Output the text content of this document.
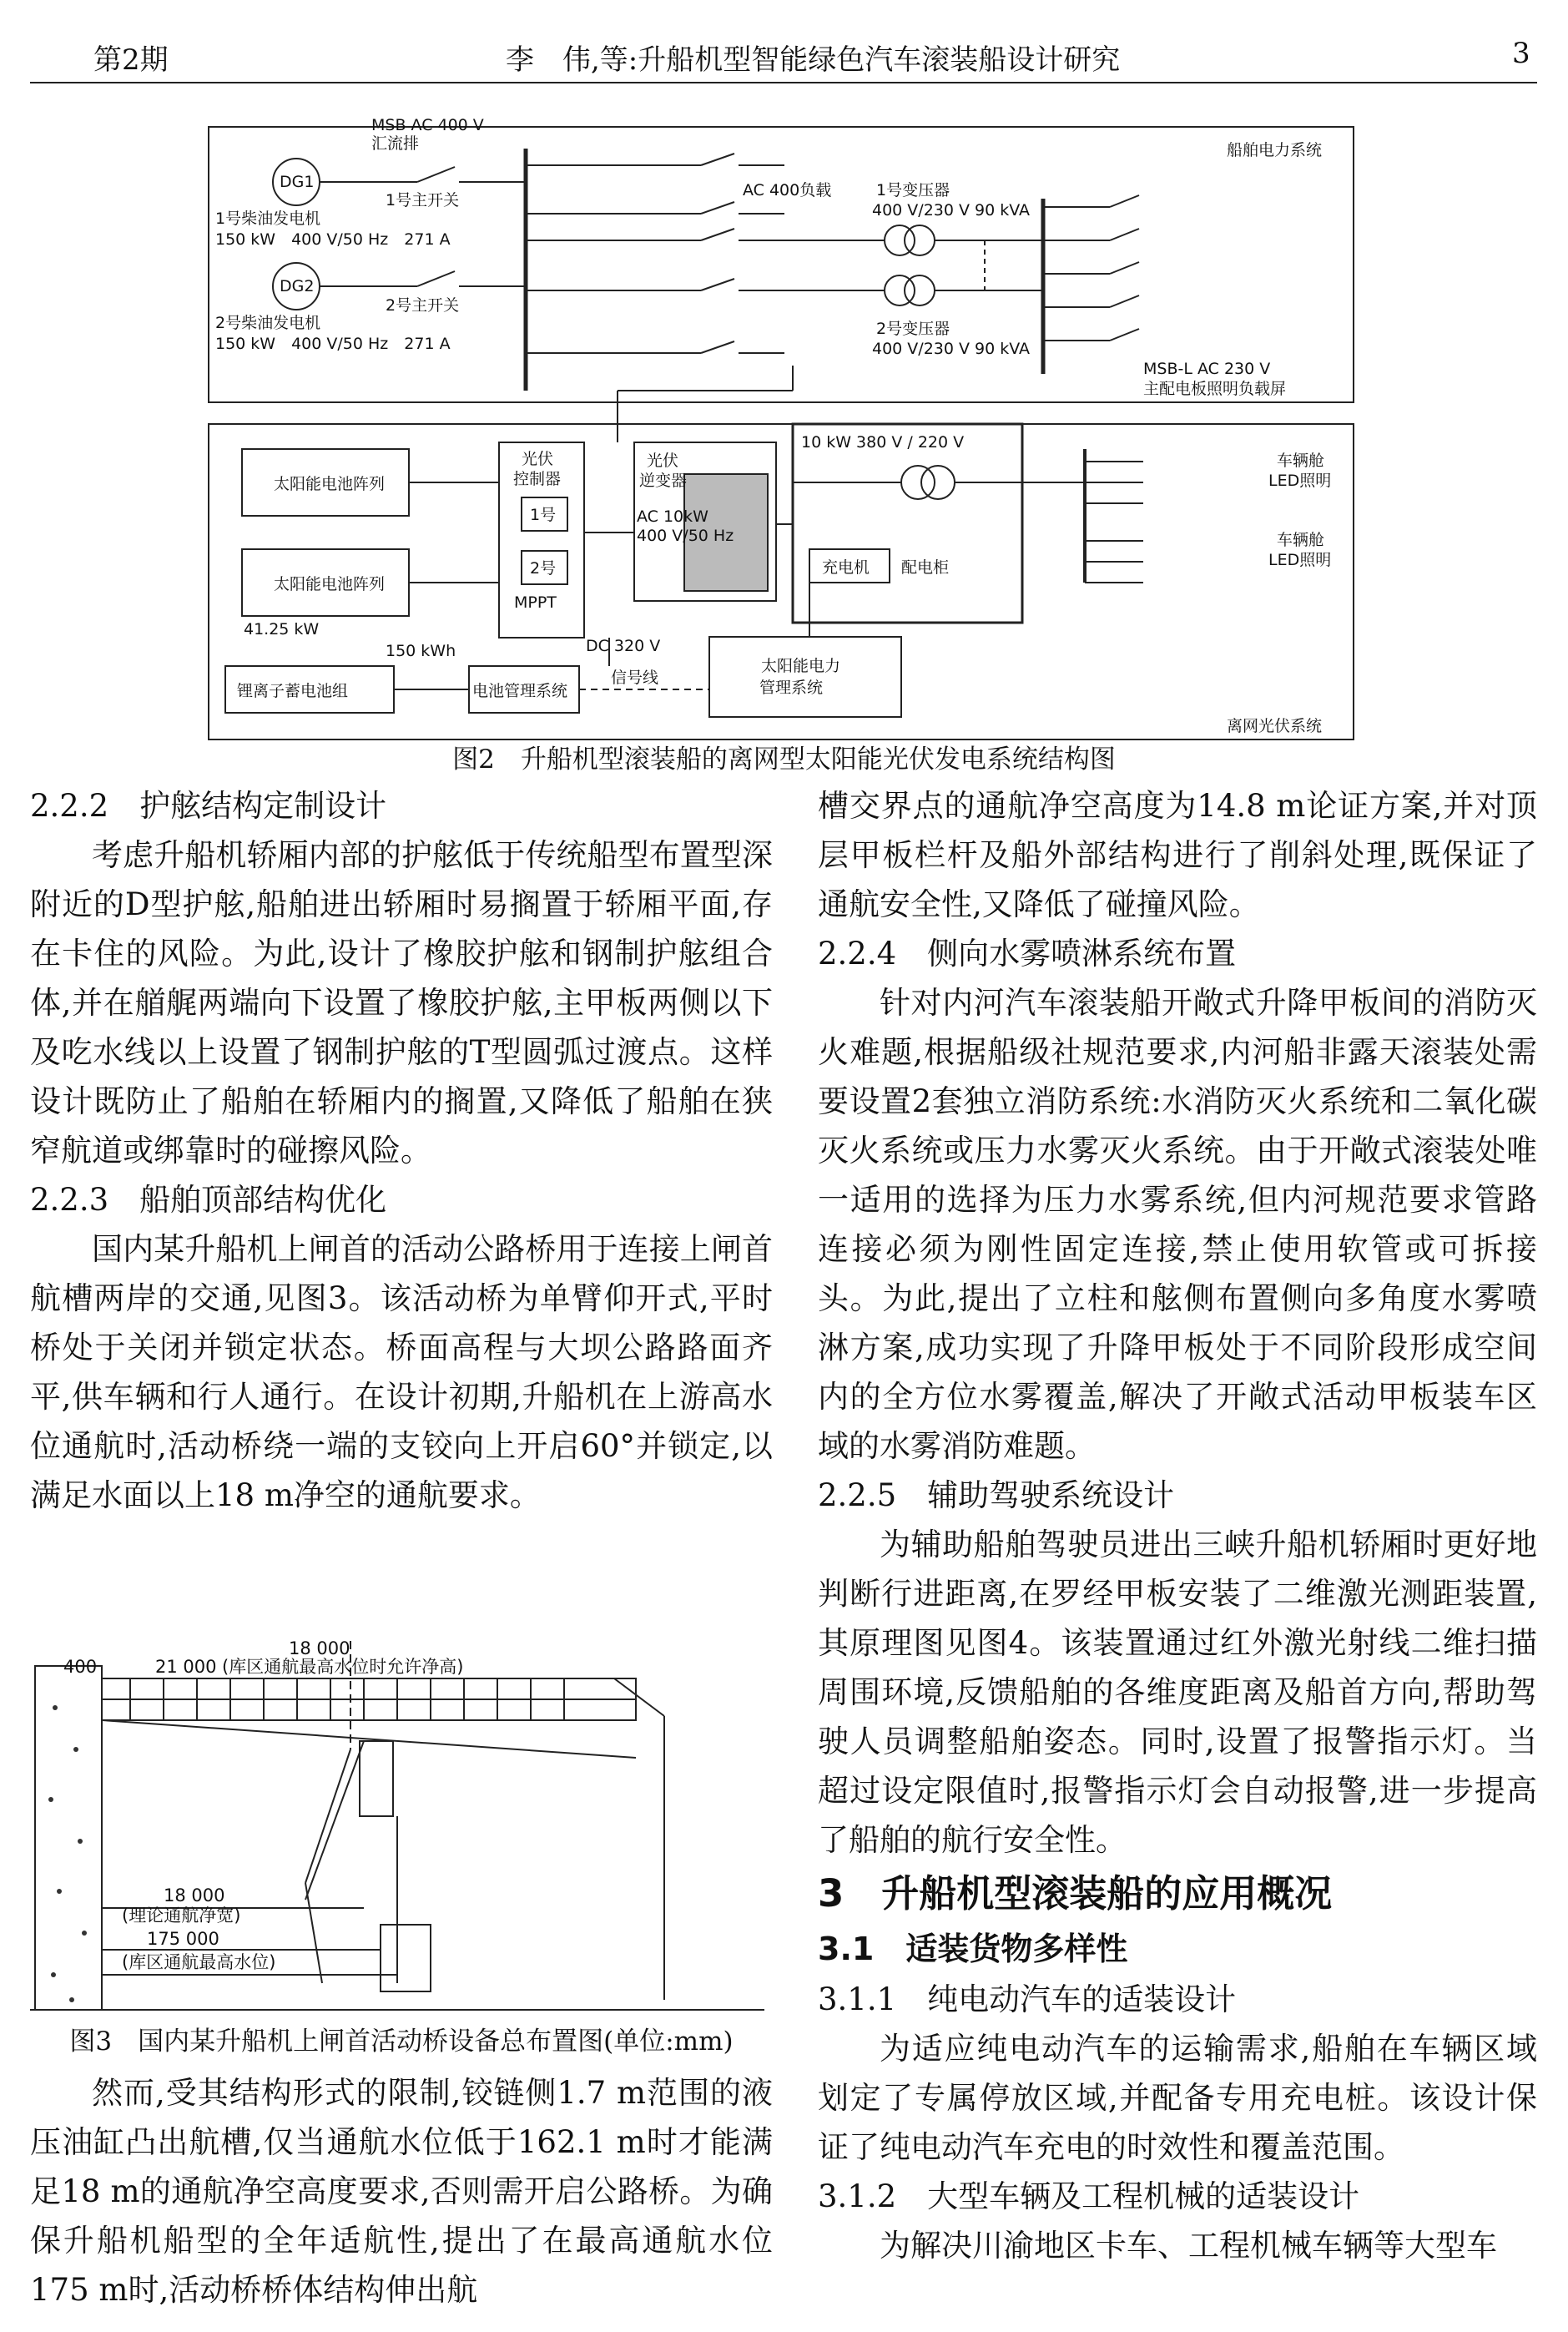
第2期	李　伟,等:升船机型智能绿色汽车滚装船设计研究	3
MSB AC 400 V
汇流排	船舶电力系统
DG1
DG2
1号主开关
2号主开关
1号柴油发电机
150 kW　400 V/50 Hz　271 A
2号柴油发电机
150 kW　400 V/50 Hz　271 A
AC 400负载	1号变压器
400 V/230 V 90 kVA
2号变压器
400 V/230 V 90 kVA
MSB-L AC 230 V
主配电板照明负载屏
太阳能电池阵列
太阳能电池阵列
41.25 kW
光伏
控制器
1号
2号
MPPT
光伏
逆变器
AC 10kW
400 V/50 Hz
10 kW 380 V / 220 V
充电机 配电柜
车辆舱
LED照明
车辆舱
LED照明
DC 320 V
150 kWh
锂离子蓄电池组	电池管理系统
信号线
太阳能电力
管理系统
离网光伏系统
图2　升船机型滚装船的离网型太阳能光伏发电系统结构图

2.2.2　护舷结构定制设计

考虑升船机轿厢内部的护舷低于传统船型布置型深附近的D型护舷,船舶进出轿厢时易搁置于轿厢平面,存在卡住的风险。为此,设计了橡胶护舷和钢制护舷组合体,并在艏艉两端向下设置了橡胶护舷,主甲板两侧以下及吃水线以上设置了钢制护舷的T型圆弧过渡点。这样设计既防止了船舶在轿厢内的搁置,又降低了船舶在狭窄航道或绑靠时的碰擦风险。

2.2.3　船舶顶部结构优化

国内某升船机上闸首的活动公路桥用于连接上闸首航槽两岸的交通,见图3。该活动桥为单臂仰开式,平时桥处于关闭并锁定状态。桥面高程与大坝公路路面齐平,供车辆和行人通行。在设计初期,升船机在上游高水位通航时,活动桥绕一端的支铰向上开启60°并锁定,以满足水面以上18 m净空的通航要求。

400	21 000
18 000
(库区通航最高水位时允许净高)
18 000
(理论通航净宽)
175 000
(库区通航最高水位)
图3　国内某升船机上闸首活动桥设备总布置图(单位:mm)

然而,受其结构形式的限制,铰链侧1.7 m范围的液压油缸凸出航槽,仅当通航水位低于162.1 m时才能满足18 m的通航净空高度要求,否则需开启公路桥。为确保升船机船型的全年适航性,提出了在最高通航水位175 m时,活动桥桥体结构伸出航

槽交界点的通航净空高度为14.8 m论证方案,并对顶层甲板栏杆及船外部结构进行了削斜处理,既保证了通航安全性,又降低了碰撞风险。

2.2.4　侧向水雾喷淋系统布置

针对内河汽车滚装船开敞式升降甲板间的消防灭火难题,根据船级社规范要求,内河船非露天滚装处需要设置2套独立消防系统:水消防灭火系统和二氧化碳灭火系统或压力水雾灭火系统。由于开敞式滚装处唯一适用的选择为压力水雾系统,但内河规范要求管路连接必须为刚性固定连接,禁止使用软管或可拆接头。为此,提出了立柱和舷侧布置侧向多角度水雾喷淋方案,成功实现了升降甲板处于不同阶段形成空间内的全方位水雾覆盖,解决了开敞式活动甲板装车区域的水雾消防难题。

2.2.5　辅助驾驶系统设计

为辅助船舶驾驶员进出三峡升船机轿厢时更好地判断行进距离,在罗经甲板安装了二维激光测距装置,其原理图见图4。该装置通过红外激光射线二维扫描周围环境,反馈船舶的各维度距离及船首方向,帮助驾驶人员调整船舶姿态。同时,设置了报警指示灯。当超过设定限值时,报警指示灯会自动报警,进一步提高了船舶的航行安全性。

3　升船机型滚装船的应用概况

3.1　适装货物多样性

3.1.1　纯电动汽车的适装设计

为适应纯电动汽车的运输需求,船舶在车辆区域划定了专属停放区域,并配备专用充电桩。该设计保证了纯电动汽车充电的时效性和覆盖范围。

3.1.2　大型车辆及工程机械的适装设计

为解决川渝地区卡车、工程机械车辆等大型车
